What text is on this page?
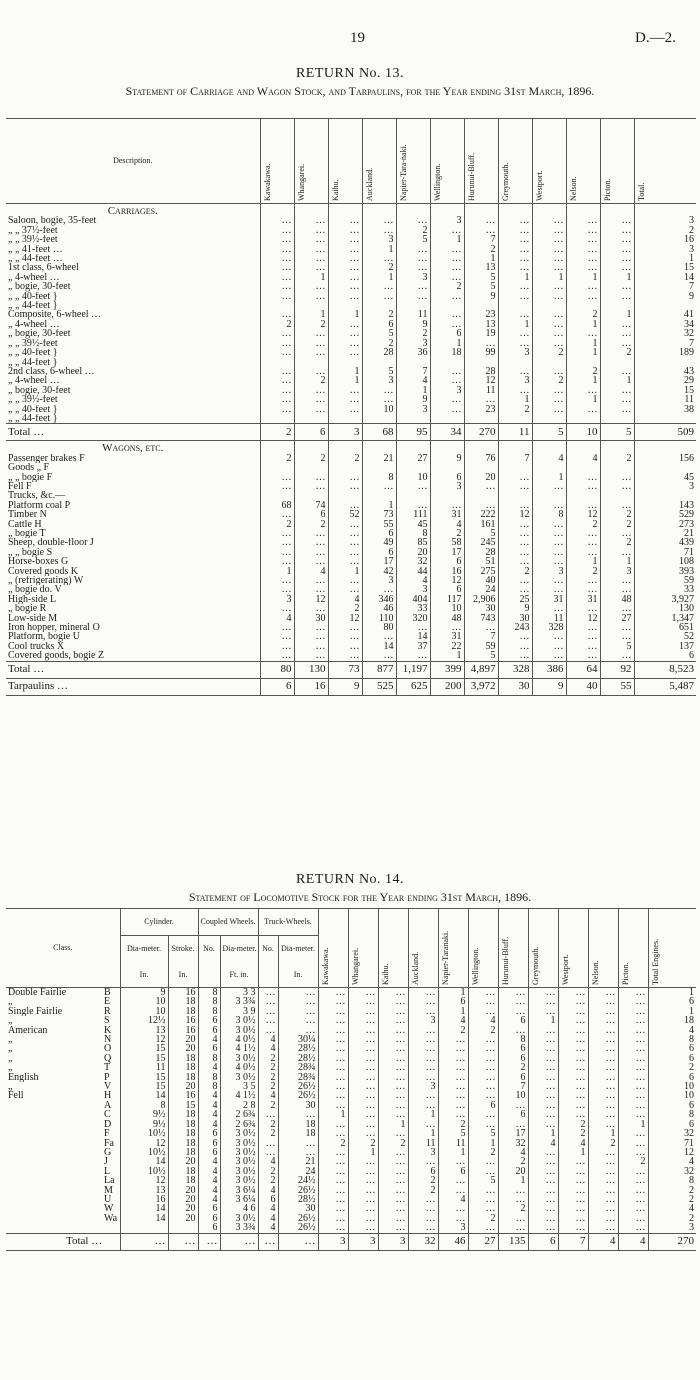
19	D.—2.
RETURN No. 13.
Statement of Carriage and Wagon Stock, and Tarpaulins, for the Year ending 31st March, 1896.
Description.	Kawakawa.	Whangarei.	Kaihu.	Auckland.	Napier-Tara-naki.	Wellington.	Hurunui-Bluff.	Greymouth.	Westport.	Nelson.	Picton.	Total.

Carriages.												
Saloon, bogie, 35-feet	…	…	…	…	…	3	…	…	…	…	…	3
„ „ 37½-feet	…	…	…	…	2	…	…	…	…	…	…	2
„ „ 39½-feet	…	…	…	3	5	1	7	…	…	…	…	16
„ „ 41-feet …	…	…	…	1	…	…	2	…	…	…	…	3
„ „ 44-feet …	…	…	…	…	…	…	1	…	…	…	…	1
1st class, 6-wheel	…	…	…	2	…	…	13	…	…	…	…	15
„ 4-wheel …	…	1	…	1	3	…	5	1	1	1	1	14
„ bogie, 30-feet	…	…	…	…	…	2	5	…	…	…	…	7
„ „ 40-feet }	…	…	…	…	…	…	9	…	…	…	…	9
„ „ 44-feet }												
Composite, 6-wheel …	…	1	1	2	11	…	23	…	…	2	1	41
„ 4-wheel …	2	2	…	6	9	…	13	1	…	1	…	34
„ bogie, 30-feet	…	…	…	5	2	6	19	…	…	…	…	32
„ „ 39½-feet	…	…	…	2	3	1	…	…	…	1	…	7
„ „ 40-feet }	…	…	…	28	36	18	99	3	2	1	2	189
„ „ 44-feet }												
2nd class, 6-wheel …	…	…	1	5	7	…	28	…	…	2	…	43
„ 4-wheel …	…	2	1	3	4	…	12	3	2	1	1	29
„ bogie, 30-feet	…	…	…	…	1	3	11	…	…	…	…	15
„ „ 39½-feet	…	…	…	…	9	…	…	1	…	1	…	11
„ „ 40-feet }	…	…	…	10	3	…	23	2	…	…	…	38
„ „ 44-feet }												
Total …	2	6	3	68	95	34	270	11	5	10	5	509
Wagons, etc.												
Passenger brakes F	2	2	2	21	27	9	76	7	4	4	2	156
Goods „ F												
„ „ bogie F	…	…	…	8	10	6	20	…	1	…	…	45
Fell F	…	…	…	…	…	3	…	…	…	…	…	3
Trucks, &c.—												
Platform coal P	68	74	…	1	…	…	…	…	…	…	…	143
Timber N	…	6	52	73	111	31	222	12	8	12	2	529
Cattle H	2	2	…	55	45	4	161	…	…	2	2	273
„ bogie T	…	…	…	6	8	2	5	…	…	…	…	21
Sheep, double-floor J	…	…	…	49	85	58	245	…	…	…	2	439
„ „ bogie S	…	…	…	6	20	17	28	…	…	…	…	71
Horse-boxes G	…	…	…	17	32	6	51	…	…	1	1	108
Covered goods K	1	4	1	42	44	16	275	2	3	2	3	393
„ (refrigerating) W	…	…	…	3	4	12	40	…	…	…	…	59
„ bogie do. V	…	…	…	…	3	6	24	…	…	…	…	33
High-side L	3	12	4	346	404	117	2,906	25	31	31	48	3,927
„ bogie R	…	…	2	46	33	10	30	9	…	…	…	130
Low-side M	4	30	12	110	320	48	743	30	11	12	27	1,347
Iron hopper, mineral O	…	…	…	80	…	…	…	243	328	…	…	651
Platform, bogie U	…	…	…	…	14	31	7	…	…	…	…	52
Cool trucks X	…	…	…	14	37	22	59	…	…	…	5	137
Covered goods, bogie Z	…	…	…	…	…	1	5	…	…	…	…	6
Total …	80	130	73	877	1,197	399	4,897	328	386	64	92	8,523
Tarpaulins …	6	16	9	525	625	200	3,972	30	9	40	55	5,487
RETURN No. 14.
Statement of Locomotive Stock for the Year ending 31st March, 1896.
Class.		Cylinder.		Coupled Wheels.		Truck-Wheels.		Kawakawa.	Whangarei.	Kaihu.	Auckland.	Napier-Taranaki.	Wellington.	Hurunui-Bluff.	Greymouth.	Westport.	Nelson.	Picton.	Total Engines.

		Dia-meter.	Stroke.	No.	Dia-meter.	No.	Dia-meter.												
		In.	In.		Ft. in.		In.												
Double Fairlie	B	9	16	8	3 3	…	…	…	…	…	…	1	…	…	…	…	…	…	1
„	E	10	18	8	3 3¾	…	…	…	…	…	…	6	…	…	…	…	…	…	6
Single Fairlie	R	10	18	8	3 9	…	…	…	…	…	…	1	…	…	…	…	…	…	1
„	S	12½	16	6	3 0½	…	…	…	…	…	3	4	4	6	1	…	…	…	18
American	K	13	16	6	3 0½	…	…	…	…	…	…	2	2	…	…	…	…	…	4
„	N	12	20	4	4 0½	4	30¼	…	…	…	…	…	…	8	…	…	…	…	8
„	O	15	20	6	4 1½	4	28½	…	…	…	…	…	…	6	…	…	…	…	6
„	Q	15	18	8	3 0½	2	28½	…	…	…	…	…	…	6	…	…	…	…	6
„	T	11	18	4	4 0½	2	28¾	…	…	…	…	…	…	2	…	…	…	…	2
English	P	15	18	8	3 0½	2	28¾	…	…	…	…	…	…	6	…	…	…	…	6
„	V	15	20	8	3 5	2	26½	…	…	…	3	…	…	7	…	…	…	…	10
Fell	H	14	16	4	4 1½	4	26½	…	…	…	…	…	…	10	…	…	…	…	10
	A	8	15	4	2 8	2	30	…	…	…	…	…	6	…	…	…	…	…	6
	C	9½	18	4	2 6¾	…	…	1	…	…	1	…	…	6	…	…	…	…	8
	D	9½	18	4	2 6¾	2	18	…	…	1	…	2	…	…	…	2	…	1	6
	F	10½	18	6	3 0½	2	18	…	…	…	1	5	5	17	1	2	1	…	32
	Fa	12	18	6	3 0½	…	…	2	2	2	11	11	1	32	4	4	2	…	71
	G	10½	18	6	3 0½	…	…	…	1	…	3	1	2	4	…	1	…	…	12
	J	14	20	4	3 0½	4	21	…	…	…	…	…	…	2	…	…	…	2	4
	L	10½	18	4	3 0½	2	24	…	…	…	6	6	…	20	…	…	…	…	32
	La	12	18	4	3 0½	2	24½	…	…	…	2	…	5	1	…	…	…	…	8
	M	13	20	4	3 6¼	4	26½	…	…	…	2	…	…	…	…	…	…	…	2
	U	16	20	4	3 6¼	6	28½	…	…	…	…	4	…	…	…	…	…	…	2
	W	14	20	6	4 6	4	30	…	…	…	…	…	…	2	…	…	…	…	4
	Wa	14	20	6	3 0½	4	26½	…	…	…	…	…	2	…	…	…	…	…	2
				6	3 3¾	4	26½	…	…	…	…	3	…	…	…	…	…	…	3
Total …		…	…	…	…	…	…	3	3	3	32	46	27	135	6	7	4	4	270
